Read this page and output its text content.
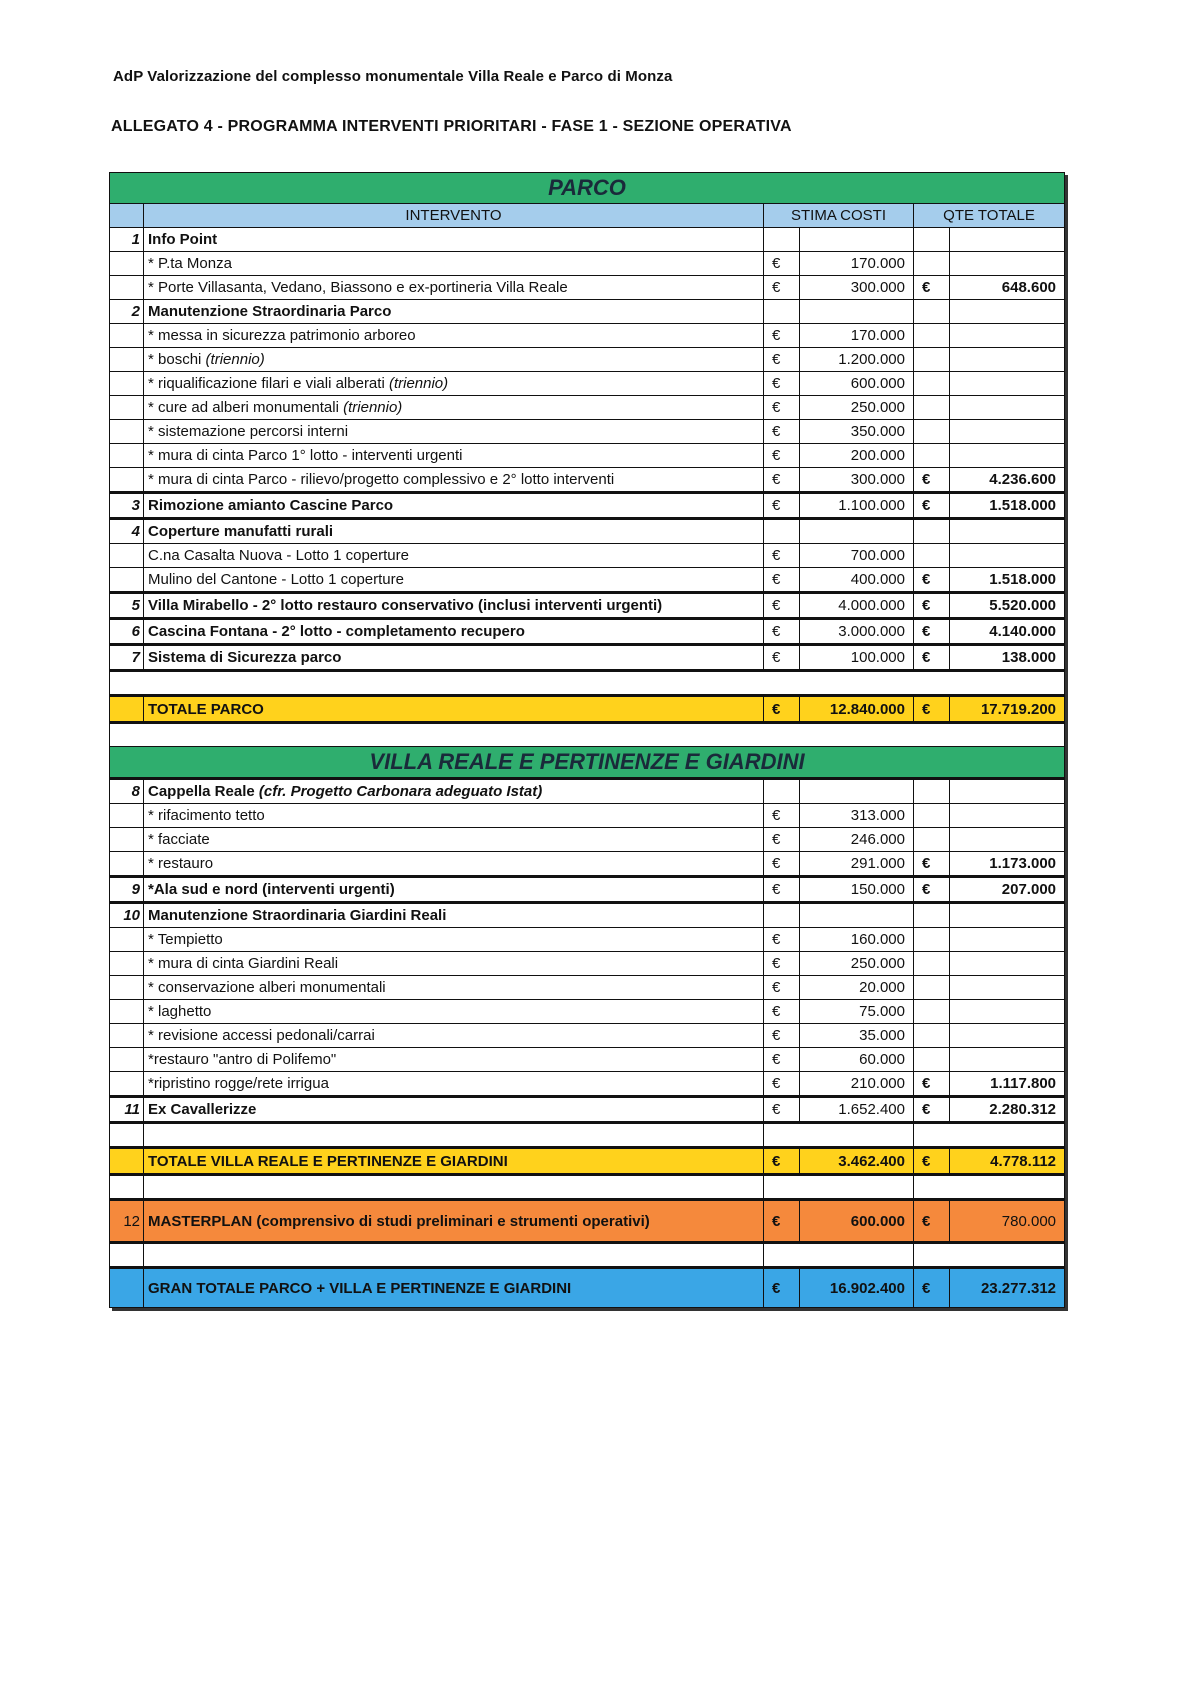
AdP Valorizzazione del complesso monumentale Villa Reale e Parco di Monza
ALLEGATO 4 - PROGRAMMA INTERVENTI PRIORITARI - FASE 1 - SEZIONE OPERATIVA
PARCO					
	INTERVENTO	STIMA COSTI		QTE TOTALE	
1	Info Point				
	* P.ta Monza	€	170.000		
	* Porte Villasanta, Vedano, Biassono e ex-portineria Villa Reale	€	300.000	€	648.600
2	Manutenzione Straordinaria Parco				
	* messa in sicurezza patrimonio arboreo	€	170.000		
	* boschi (triennio)	€	1.200.000		
	* riqualificazione filari e viali alberati (triennio)	€	600.000		
	* cure ad alberi monumentali (triennio)	€	250.000		
	* sistemazione percorsi interni	€	350.000		
	* mura di cinta Parco 1° lotto - interventi urgenti	€	200.000		
	* mura di cinta Parco - rilievo/progetto complessivo e 2° lotto interventi	€	300.000	€	4.236.600
3	Rimozione amianto Cascine Parco	€	1.100.000	€	1.518.000
4	Coperture manufatti rurali				
	C.na Casalta Nuova - Lotto 1 coperture	€	700.000		
	Mulino del Cantone - Lotto 1 coperture	€	400.000	€	1.518.000
5	Villa Mirabello - 2° lotto restauro conservativo (inclusi interventi urgenti)	€	4.000.000	€	5.520.000
6	Cascina Fontana - 2° lotto - completamento recupero	€	3.000.000	€	4.140.000
7	Sistema di Sicurezza parco	€	100.000	€	138.000

	TOTALE PARCO	€	12.840.000	€	17.719.200

VILLA REALE E PERTINENZE E GIARDINI					
8	Cappella Reale (cfr. Progetto Carbonara adeguato Istat)				
	* rifacimento tetto	€	313.000		
	* facciate	€	246.000		
	* restauro	€	291.000	€	1.173.000
9	*Ala sud e nord (interventi urgenti)	€	150.000	€	207.000
10	Manutenzione Straordinaria Giardini Reali				
	* Tempietto	€	160.000		
	* mura di cinta Giardini Reali	€	250.000		
	* conservazione alberi monumentali	€	20.000		
	* laghetto	€	75.000		
	* revisione accessi pedonali/carrai	€	35.000		
	*restauro "antro di Polifemo"	€	60.000		
	*ripristino rogge/rete irrigua	€	210.000	€	1.117.800
11	Ex Cavallerizze	€	1.652.400	€	2.280.312

	TOTALE VILLA REALE E PERTINENZE E GIARDINI	€	3.462.400	€	4.778.112

12	MASTERPLAN (comprensivo di studi preliminari e strumenti operativi)	€	600.000	€	780.000

	GRAN TOTALE PARCO + VILLA E PERTINENZE E GIARDINI	€	16.902.400	€	23.277.312
